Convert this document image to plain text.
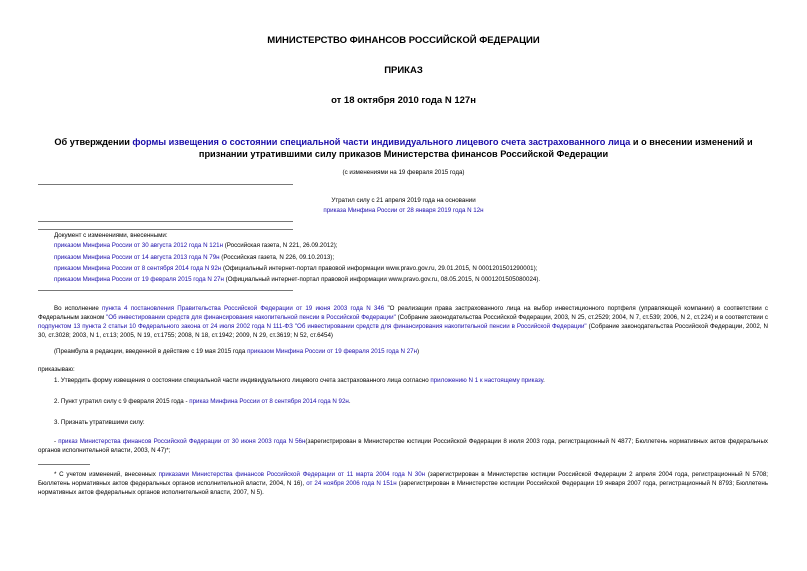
МИНИСТЕРСТВО ФИНАНСОВ РОССИЙСКОЙ ФЕДЕРАЦИИ
ПРИКАЗ
от 18 октября 2010 года N 127н
Об утверждении формы извещения о состоянии специальной части индивидуального лицевого счета застрахованного лица и о внесении изменений и признании утратившими силу приказов Министерства финансов Российской Федерации
(с изменениями на 19 февраля 2015 года)
Утратил силу с 21 апреля 2019 года на основании
приказа Минфина России от 28 января 2019 года N 12н
Документ с изменениями, внесенными:
приказом Минфина России от 30 августа 2012 года N 121н (Российская газета, N 221, 26.09.2012);
приказом Минфина России от 14 августа 2013 года N 79н (Российская газета, N 226, 09.10.2013);
приказом Минфина России от 8 сентября 2014 года N 92н (Официальный интернет-портал правовой информации www.pravo.gov.ru, 29.01.2015, N 0001201501290001);
приказом Минфина России от 19 февраля 2015 года N 27н (Официальный интернет-портал правовой информации www.pravo.gov.ru, 08.05.2015, N 0001201505080024).
Во исполнение пункта 4 постановления Правительства Российской Федерации от 19 июня 2003 года N 346 "О реализации права застрахованного лица на выбор инвестиционного портфеля (управляющей компании) в соответствии с Федеральным законом "Об инвестировании средств для финансирования накопительной пенсии в Российской Федерации" (Собрание законодательства Российской Федерации, 2003, N 25, ст.2529; 2004, N 7, ст.539; 2006, N 2, ст.224) и в соответствии с подпунктом 13 пункта 2 статьи 10 Федерального закона от 24 июля 2002 года N 111-ФЗ "Об инвестировании средств для финансирования накопительной пенсии в Российской Федерации" (Собрание законодательства Российской Федерации, 2002, N 30, ст.3028; 2003, N 1, ст.13; 2005, N 19, ст.1755; 2008, N 18, ст.1942; 2009, N 29, ст.3619; N 52, ст.6454)
(Преамбула в редакции, введенной в действие с 19 мая 2015 года приказом Минфина России от 19 февраля 2015 года N 27н)
приказываю:
1. Утвердить форму извещения о состоянии специальной части индивидуального лицевого счета застрахованного лица согласно приложению N 1 к настоящему приказу.
2. Пункт утратил силу с 9 февраля 2015 года - приказ Минфина России от 8 сентября 2014 года N 92н.
3. Признать утратившими силу:
- приказ Министерства финансов Российской Федерации от 30 июня 2003 года N 56н(зарегистрирован в Министерстве юстиции Российской Федерации 8 июля 2003 года, регистрационный N 4877; Бюллетень нормативных актов федеральных органов исполнительной власти, 2003, N 47)*;
* С учетом изменений, внесенных приказами Министерства финансов Российской Федерации от 11 марта 2004 года N 30н (зарегистрирован в Министерстве юстиции Российской Федерации 2 апреля 2004 года, регистрационный N 5708; Бюллетень нормативных актов федеральных органов исполнительной власти, 2004, N 16), от 24 ноября 2006 года N 151н (зарегистрирован в Министерстве юстиции Российской Федерации 19 января 2007 года, регистрационный N 8793; Бюллетень нормативных актов федеральных органов исполнительной власти, 2007, N 5).
